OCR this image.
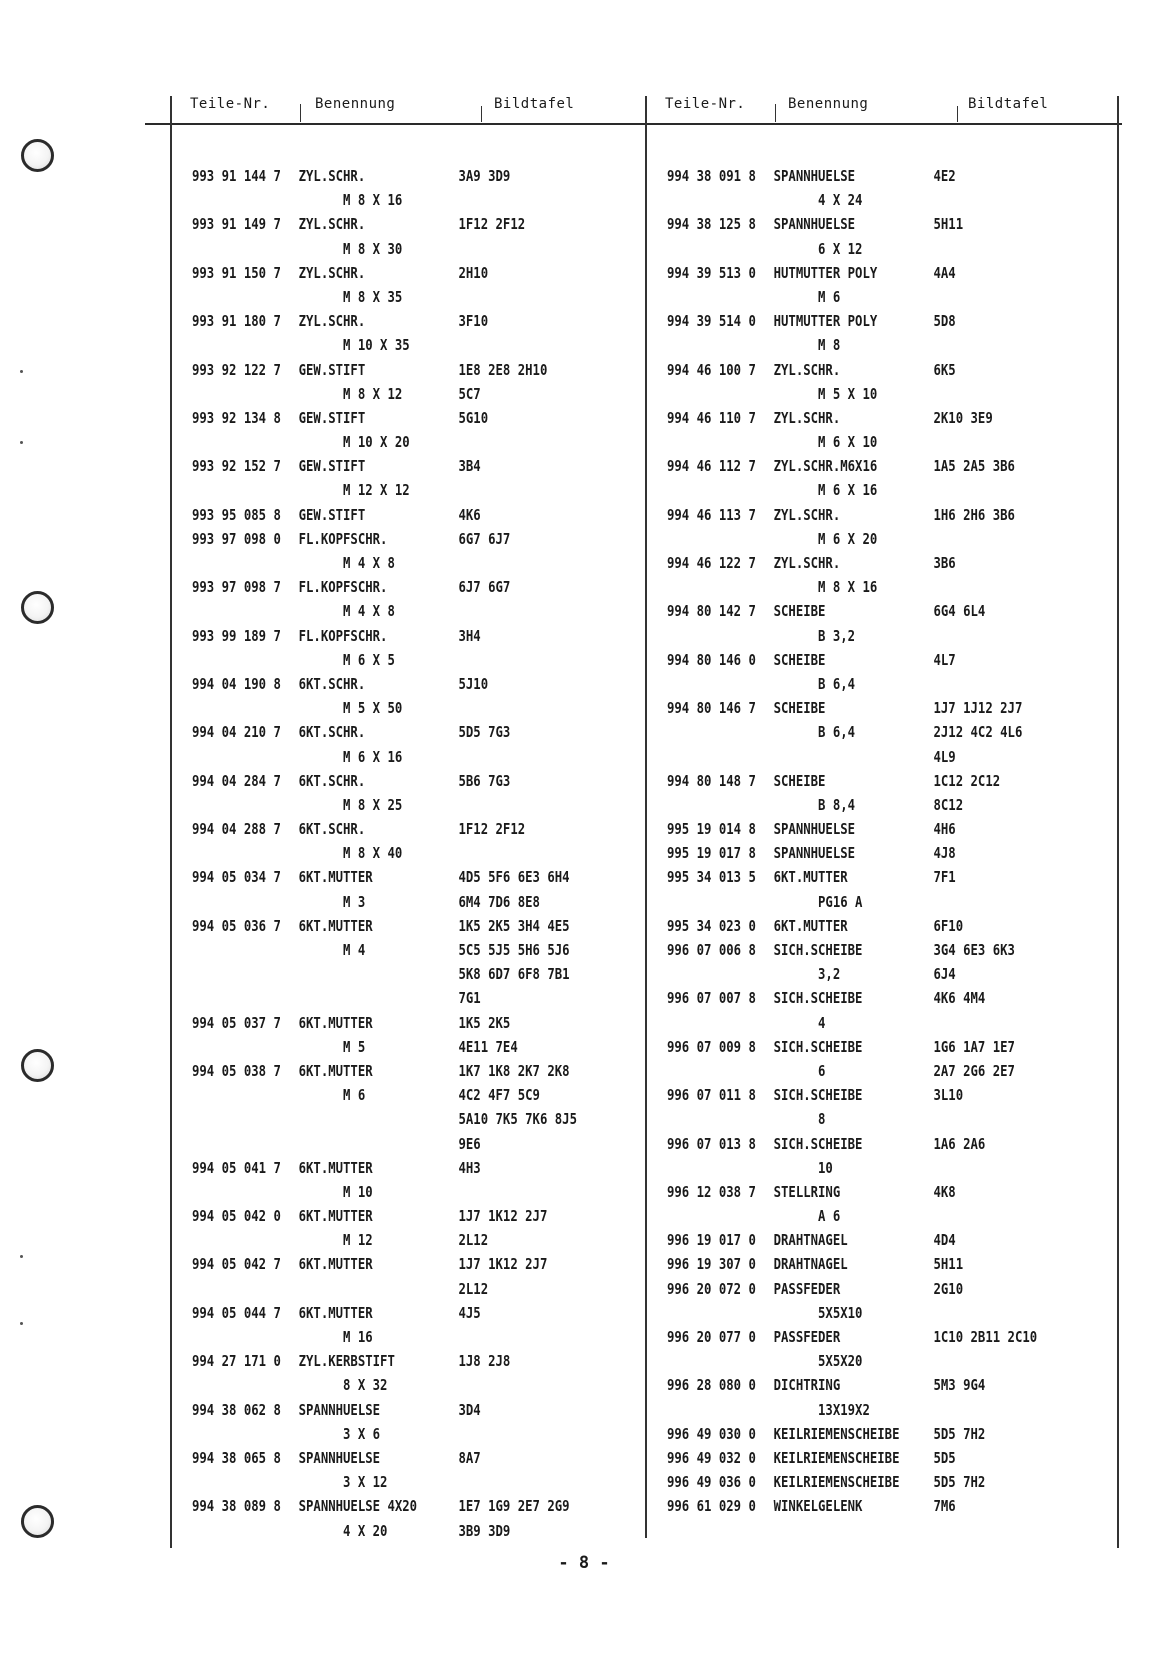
Teile-Nr.	Benennung	Bildtafel	Teile-Nr.	Benennung	Bildtafel
993 91 144 7 ZYL.SCHR.	3A9 3D9
M 8 X 16
993 91 149 7 ZYL.SCHR.	1F12 2F12
M 8 X 30
993 91 150 7 ZYL.SCHR.	2H10
M 8 X 35
993 91 180 7 ZYL.SCHR.	3F10
M 10 X 35
993 92 122 7 GEW.STIFT	1E8 2E8 2H10
M 8 X 12	5C7
993 92 134 8 GEW.STIFT	5G10
M 10 X 20
993 92 152 7 GEW.STIFT	3B4
M 12 X 12
993 95 085 8 GEW.STIFT	4K6
993 97 098 0 FL.KOPFSCHR.	6G7 6J7
M 4 X 8
993 97 098 7 FL.KOPFSCHR.	6J7 6G7
M 4 X 8
993 99 189 7 FL.KOPFSCHR.	3H4
M 6 X 5
994 04 190 8 6KT.SCHR.	5J10
M 5 X 50
994 04 210 7 6KT.SCHR.	5D5 7G3
M 6 X 16
994 04 284 7 6KT.SCHR.	5B6 7G3
M 8 X 25
994 04 288 7 6KT.SCHR.	1F12 2F12
M 8 X 40
994 05 034 7 6KT.MUTTER	4D5 5F6 6E3 6H4
M 3	6M4 7D6 8E8
994 05 036 7 6KT.MUTTER	1K5 2K5 3H4 4E5
M 4	5C5 5J5 5H6 5J6
5K8 6D7 6F8 7B1
7G1
994 05 037 7 6KT.MUTTER	1K5 2K5
M 5	4E11 7E4
994 05 038 7 6KT.MUTTER	1K7 1K8 2K7 2K8
M 6	4C2 4F7 5C9
5A10 7K5 7K6 8J5
9E6
994 05 041 7 6KT.MUTTER	4H3
M 10
994 05 042 0 6KT.MUTTER	1J7 1K12 2J7
M 12	2L12
994 05 042 7 6KT.MUTTER	1J7 1K12 2J7
2L12
994 05 044 7 6KT.MUTTER	4J5
M 16
994 27 171 0 ZYL.KERBSTIFT	1J8 2J8
8 X 32
994 38 062 8 SPANNHUELSE	3D4
3 X 6
994 38 065 8 SPANNHUELSE	8A7
3 X 12
994 38 089 8 SPANNHUELSE 4X20	1E7 1G9 2E7 2G9
4 X 20	3B9 3D9
994 38 091 8 SPANNHUELSE	4E2
4 X 24
994 38 125 8 SPANNHUELSE	5H11
6 X 12
994 39 513 0 HUTMUTTER POLY	4A4
M 6
994 39 514 0 HUTMUTTER POLY	5D8
M 8
994 46 100 7 ZYL.SCHR.	6K5
M 5 X 10
994 46 110 7 ZYL.SCHR.	2K10 3E9
M 6 X 10
994 46 112 7 ZYL.SCHR.M6X16	1A5 2A5 3B6
M 6 X 16
994 46 113 7 ZYL.SCHR.	1H6 2H6 3B6
M 6 X 20
994 46 122 7 ZYL.SCHR.	3B6
M 8 X 16
994 80 142 7 SCHEIBE	6G4 6L4
B 3,2
994 80 146 0 SCHEIBE	4L7
B 6,4
994 80 146 7 SCHEIBE	1J7 1J12 2J7
B 6,4	2J12 4C2 4L6
4L9
994 80 148 7 SCHEIBE	1C12 2C12
B 8,4	8C12
995 19 014 8 SPANNHUELSE	4H6
995 19 017 8 SPANNHUELSE	4J8
995 34 013 5 6KT.MUTTER	7F1
PG16 A
995 34 023 0 6KT.MUTTER	6F10
996 07 006 8 SICH.SCHEIBE	3G4 6E3 6K3
3,2	6J4
996 07 007 8 SICH.SCHEIBE	4K6 4M4
4
996 07 009 8 SICH.SCHEIBE	1G6 1A7 1E7
6	2A7 2G6 2E7
996 07 011 8 SICH.SCHEIBE	3L10
8
996 07 013 8 SICH.SCHEIBE	1A6 2A6
10
996 12 038 7 STELLRING	4K8
A 6
996 19 017 0 DRAHTNAGEL	4D4
996 19 307 0 DRAHTNAGEL	5H11
996 20 072 0 PASSFEDER	2G10
5X5X10
996 20 077 0 PASSFEDER	1C10 2B11 2C10
5X5X20
996 28 080 0 DICHTRING	5M3 9G4
13X19X2
996 49 030 0 KEILRIEMENSCHEIBE 5D5 7H2
996 49 032 0 KEILRIEMENSCHEIBE 5D5
996 49 036 0 KEILRIEMENSCHEIBE 5D5 7H2
996 61 029 0 WINKELGELENK	7M6
- 8 -
